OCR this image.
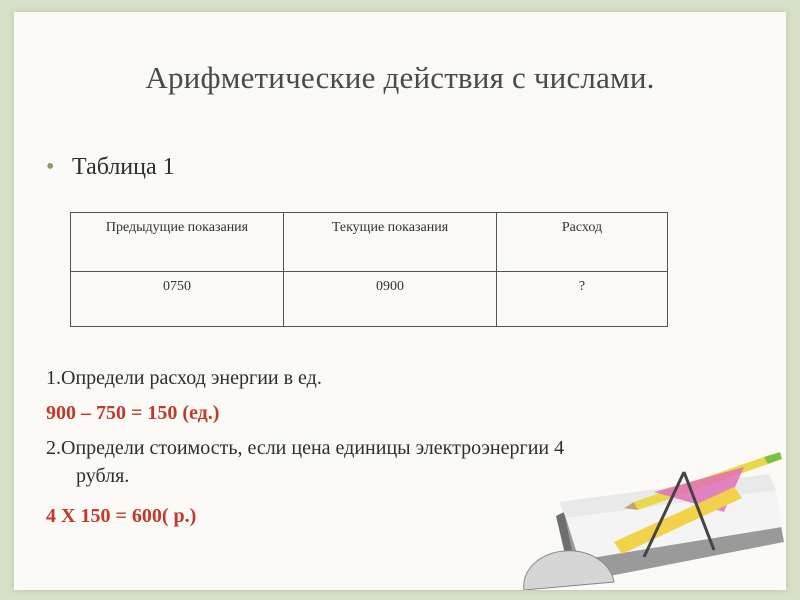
Арифметические действия с числами.
• Таблица 1
Предыдущие показания	Текущие показания	Расход
0750	0900	?
1.Определи расход энергии в ед.
900 – 750 = 150 (ед.)
2.Определи стоимость, если цена единицы электроэнергии 4
рубля.
4 Х 150 = 600( р.)
